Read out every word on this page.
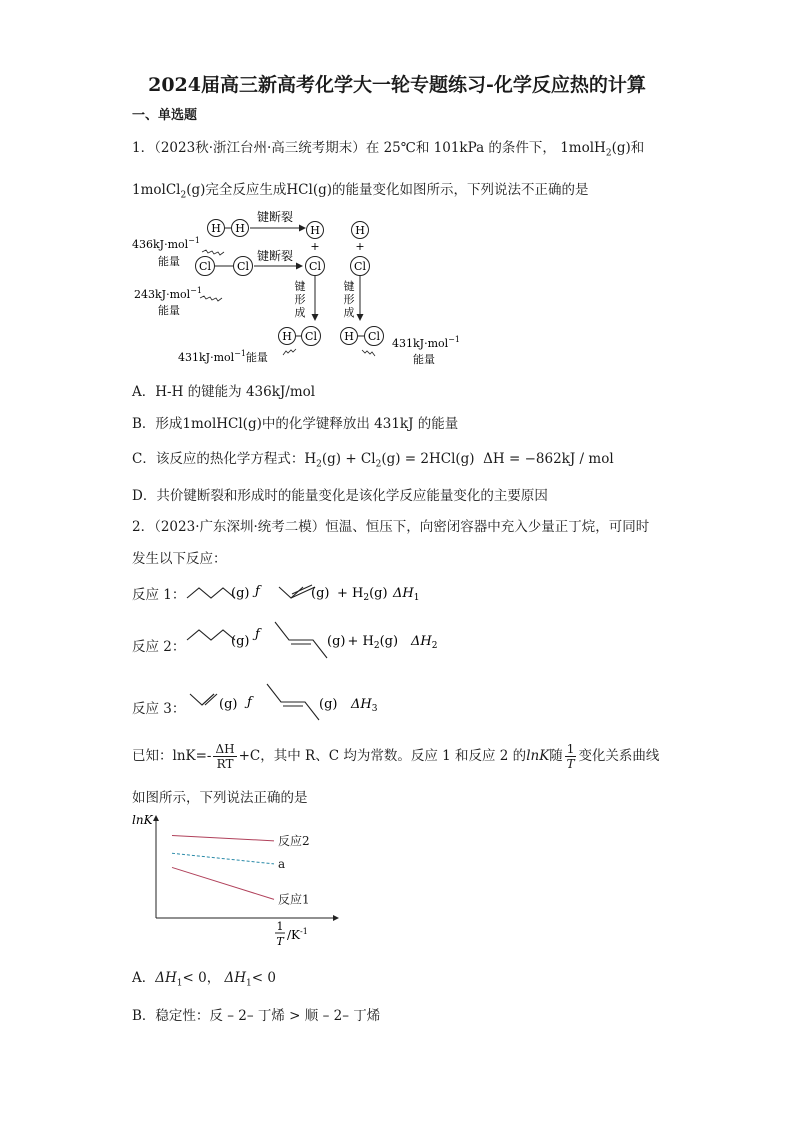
2024届高三新高考化学大一轮专题练习-化学反应热的计算
一、单选题
1．（2023秋·浙江台州·高三统考期末）在 25℃和 101kPa 的条件下， 1molH$_2$(g)和
1molCl$_2$(g)完全反应生成HCl(g)的能量变化如图所示，下列说法不正确的是
H H
键断裂
H
+
H
+
436kJ·mol$^{-1}$
能量 Cl Cl
键断裂
Cl	Cl
243kJ·mol$^{-1}$
能量
键形成
键形成
H Cl H Cl
431kJ·mol$^{-1}$能量
431kJ·mol$^{-1}$
能量
A．H-H 的键能为 436kJ/mol
B．形成1molHCl(g)中的化学键释放出 431kJ 的能量
C．该反应的热化学方程式：$H_2(g) + Cl_2(g) = 2HCl(g) \Delta H = -862kJ$ / mol
D．共价键断裂和形成时的能量变化是该化学反应能量变化的主要原因
2．（2023·广东深圳·统考二模）恒温、恒压下，向密闭容器中充入少量正丁烷，可同时
发生以下反应：
反应 1：	(g) ƒ	$(g) + H_2(g)$ $\Delta H_1$
反应 2：	(g) ƒ	$(g) + H_2(g)$ $\Delta H_2$
反应 3：	(g) ƒ	(g) $\Delta H_3$
已知：$\ln K=- \frac{\Delta H}{RT} +C$，其中 R、C 均为常数。反应 1 和反应 2 的lnK随 $\frac{1}{T}$ 变化关系曲线
如图所示，下列说法正确的是
lnK
反应2
a
反应1
1
T $/K^{-1}$
A．$\Delta H_1< 0$， $\Delta H_1< 0$
B．稳定性：反 – 2– 丁烯 > 顺 – 2– 丁烯
